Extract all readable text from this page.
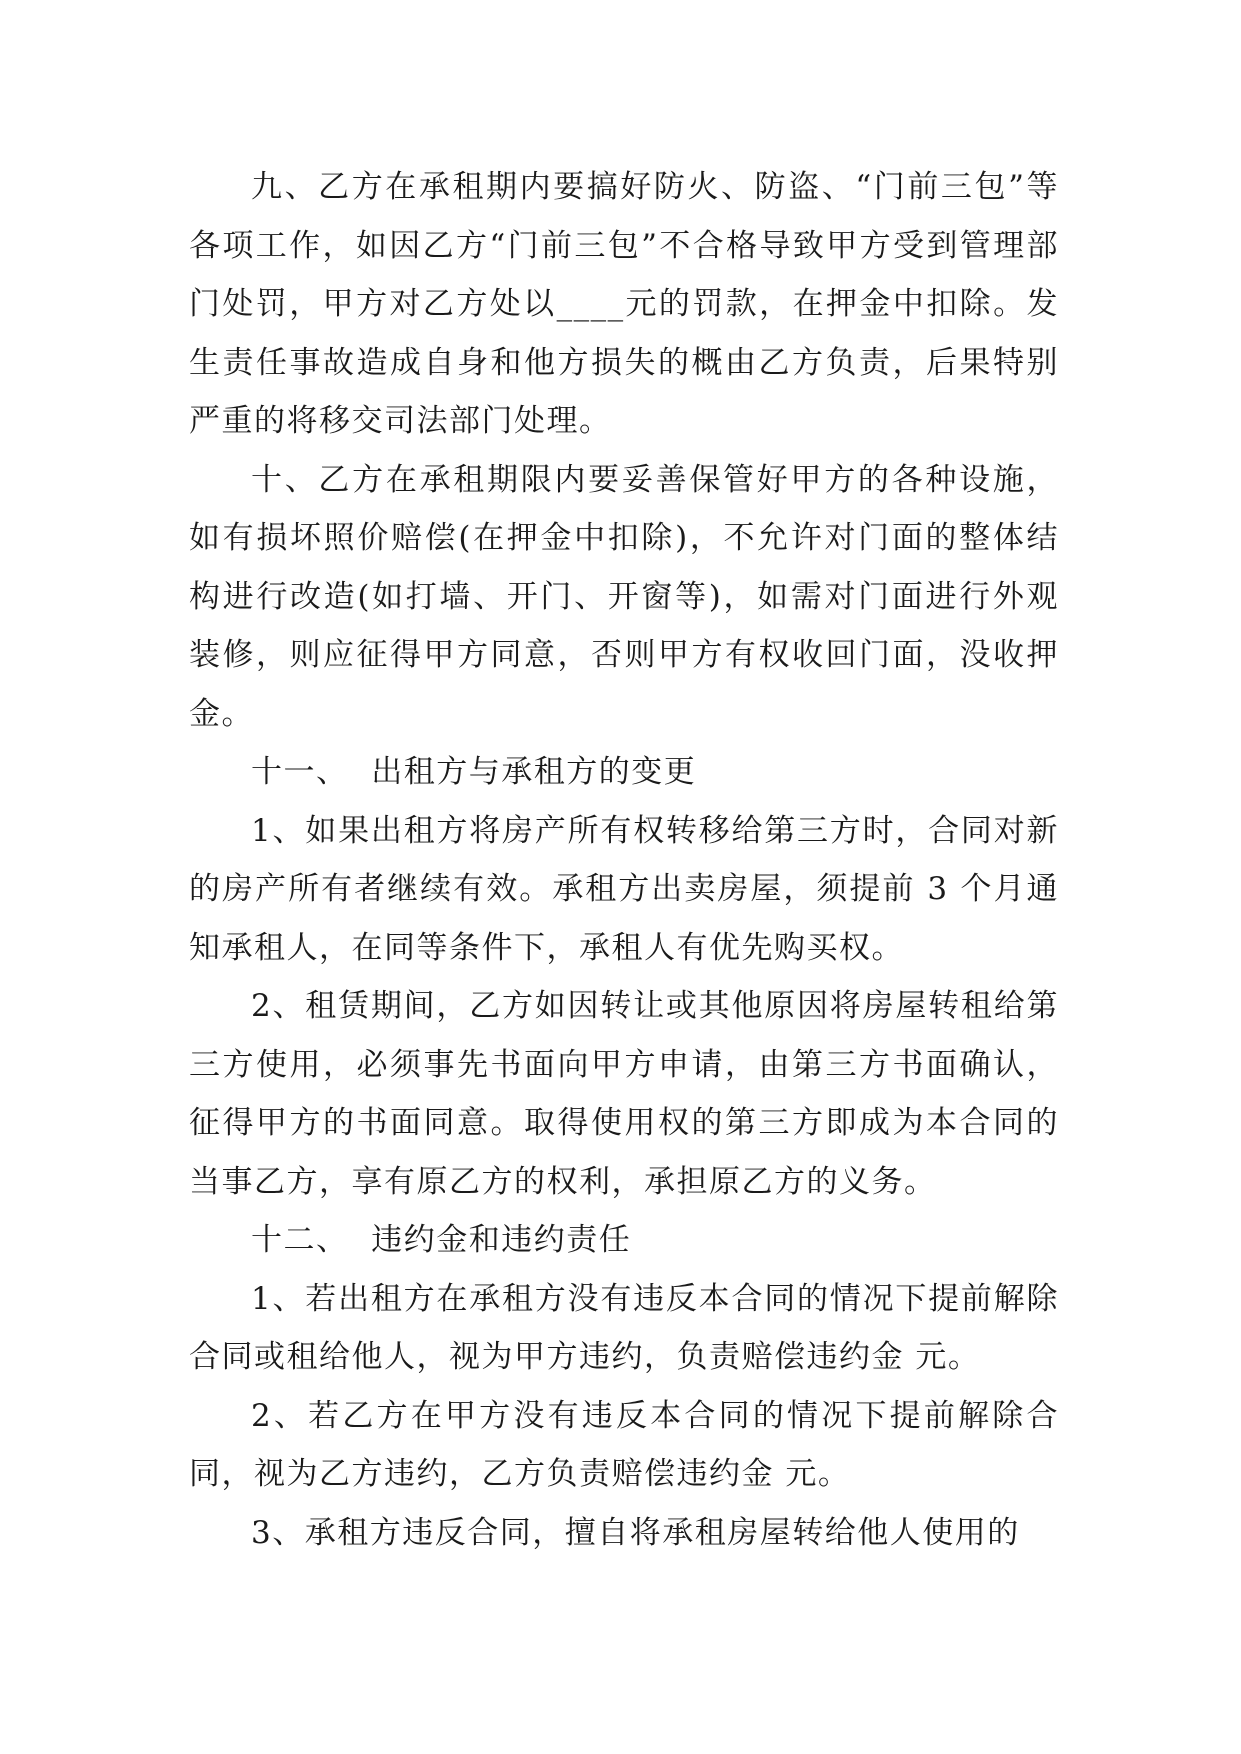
九、乙方在承租期内要搞好防火、防盗、“门前三包”等各项工作，如因乙方“门前三包”不合格导致甲方受到管理部门处罚，甲方对乙方处以____元的罚款，在押金中扣除。发生责任事故造成自身和他方损失的概由乙方负责，后果特别严重的将移交司法部门处理。

十、乙方在承租期限内要妥善保管好甲方的各种设施，如有损坏照价赔偿(在押金中扣除)，不允许对门面的整体结构进行改造(如打墙、开门、开窗等)，如需对门面进行外观装修，则应征得甲方同意，否则甲方有权收回门面，没收押金。

十一、  出租方与承租方的变更

1、如果出租方将房产所有权转移给第三方时，合同对新的房产所有者继续有效。承租方出卖房屋，须提前 3 个月通知承租人，在同等条件下，承租人有优先购买权。

2、租赁期间，乙方如因转让或其他原因将房屋转租给第三方使用，必须事先书面向甲方申请，由第三方书面确认，征得甲方的书面同意。取得使用权的第三方即成为本合同的当事乙方，享有原乙方的权利，承担原乙方的义务。

十二、  违约金和违约责任

1、若出租方在承租方没有违反本合同的情况下提前解除合同或租给他人，视为甲方违约，负责赔偿违约金 元。

2、若乙方在甲方没有违反本合同的情况下提前解除合同，视为乙方违约，乙方负责赔偿违约金 元。

3、承租方违反合同，擅自将承租房屋转给他人使用的
